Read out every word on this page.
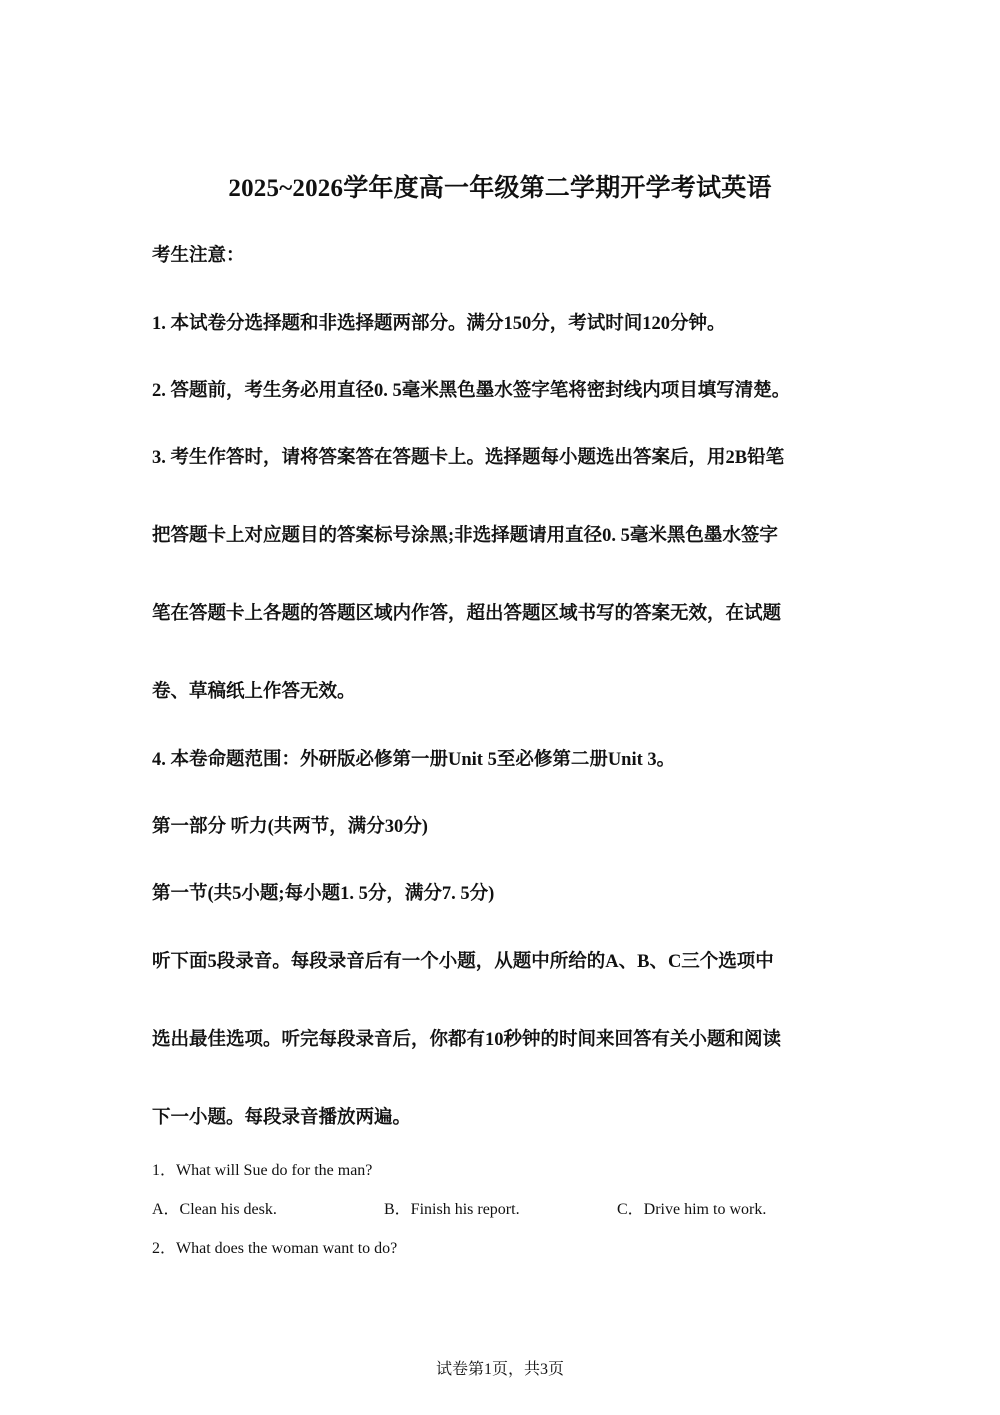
2025~2026学年度高一年级第二学期开学考试英语
考生注意：
1. 本试卷分选择题和非选择题两部分。满分150分，考试时间120分钟。
2. 答题前，考生务必用直径0. 5毫米黑色墨水签字笔将密封线内项目填写清楚。
3. 考生作答时，请将答案答在答题卡上。选择题每小题选出答案后，用2B铅笔
把答题卡上对应题目的答案标号涂黑;非选择题请用直径0. 5毫米黑色墨水签字
笔在答题卡上各题的答题区域内作答，超出答题区域书写的答案无效，在试题
卷、草稿纸上作答无效。
4. 本卷命题范围：外研版必修第一册Unit 5至必修第二册Unit 3。
第一部分 听力(共两节，满分30分)
第一节(共5小题;每小题1. 5分，满分7. 5分)
听下面5段录音。每段录音后有一个小题，从题中所给的A、B、C三个选项中
选出最佳选项。听完每段录音后，你都有10秒钟的时间来回答有关小题和阅读
下一小题。每段录音播放两遍。
1．What will Sue do for the man?
A．Clean his desk.	B．Finish his report.	C．Drive him to work.
2．What does the woman want to do?
试卷第1页，共3页
